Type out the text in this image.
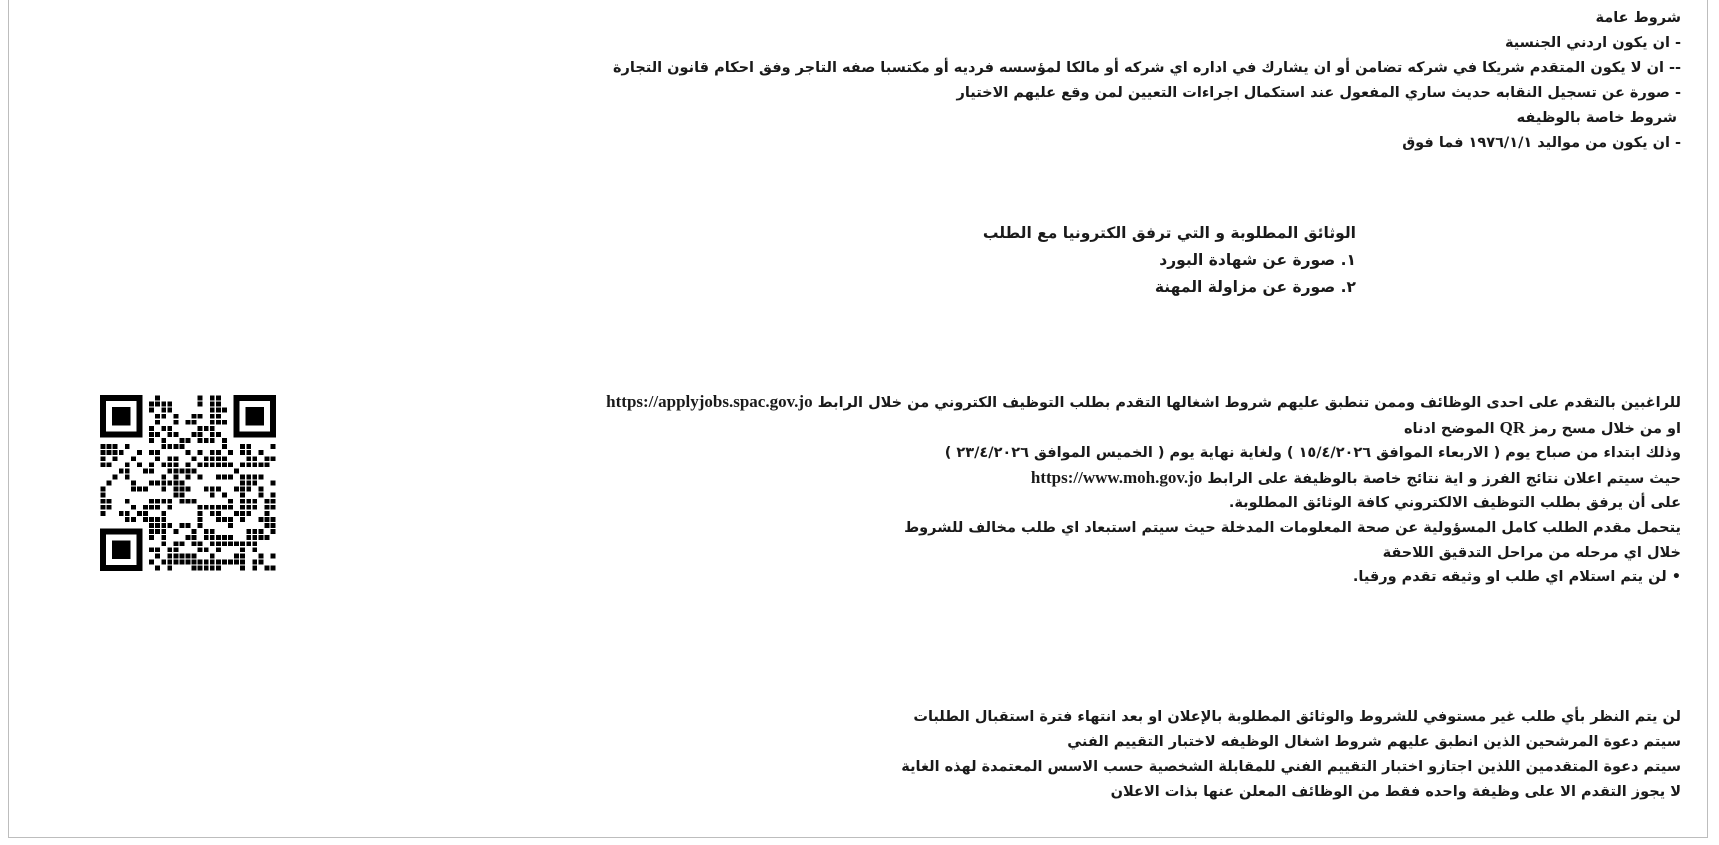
شروط عامة

- ان يكون اردني الجنسية

-- ان لا يكون المتقدم شريكا في شركه تضامن أو ان يشارك في اداره اي شركه أو مالكا لمؤسسه فرديه أو مكتسبا صفه التاجر وفق احكام قانون التجارة

- صورة عن تسجيل النقابه حديث ساري المفعول عند استكمال اجراءات التعيين لمن وقع عليهم الاختيار

شروط خاصة بالوظيفه

- ان يكون من مواليد ١٩٧٦/١/١ فما فوق

الوثائق المطلوبة و التي ترفق الكترونيا مع الطلب

١. صورة عن شهادة البورد

٢. صورة عن مزاولة المهنة

للراغبين بالتقدم على احدى الوظائف وممن تنطبق عليهم شروط اشغالها التقدم بطلب التوظيف الكتروني من خلال الرابط https://applyjobs.spac.gov.jo

او من خلال مسح رمز QR الموضح ادناه

وذلك ابتداء من صباح يوم ( الاربعاء الموافق ١٥/٤/٢٠٢٦ ) ولغاية نهاية يوم ( الخميس الموافق ٢٣/٤/٢٠٢٦ )

حيث سيتم اعلان نتائج الفرز و اية نتائج خاصة بالوظيفة على الرابط https://www.moh.gov.jo

على أن يرفق بطلب التوظيف الالكتروني كافة الوثائق المطلوبة.

يتحمل مقدم الطلب كامل المسؤولية عن صحة المعلومات المدخلة حيث سيتم استبعاد اي طلب مخالف للشروط

خلال اي مرحله من مراحل التدقيق اللاحقة

• لن يتم استلام اي طلب او وثيقه تقدم ورقيا.

لن يتم النظر بأي طلب غير مستوفي للشروط والوثائق المطلوبة بالإعلان او بعد انتهاء فترة استقبال الطلبات

سيتم دعوة المرشحين الذين انطبق عليهم شروط اشغال الوظيفه لاختبار التقييم الفني

سيتم دعوة المتقدمين اللذين اجتازو اختبار التقييم الفني للمقابلة الشخصية حسب الاسس المعتمدة لهذه الغاية

لا يجوز التقدم الا على وظيفة واحده فقط من الوظائف المعلن عنها بذات الاعلان
